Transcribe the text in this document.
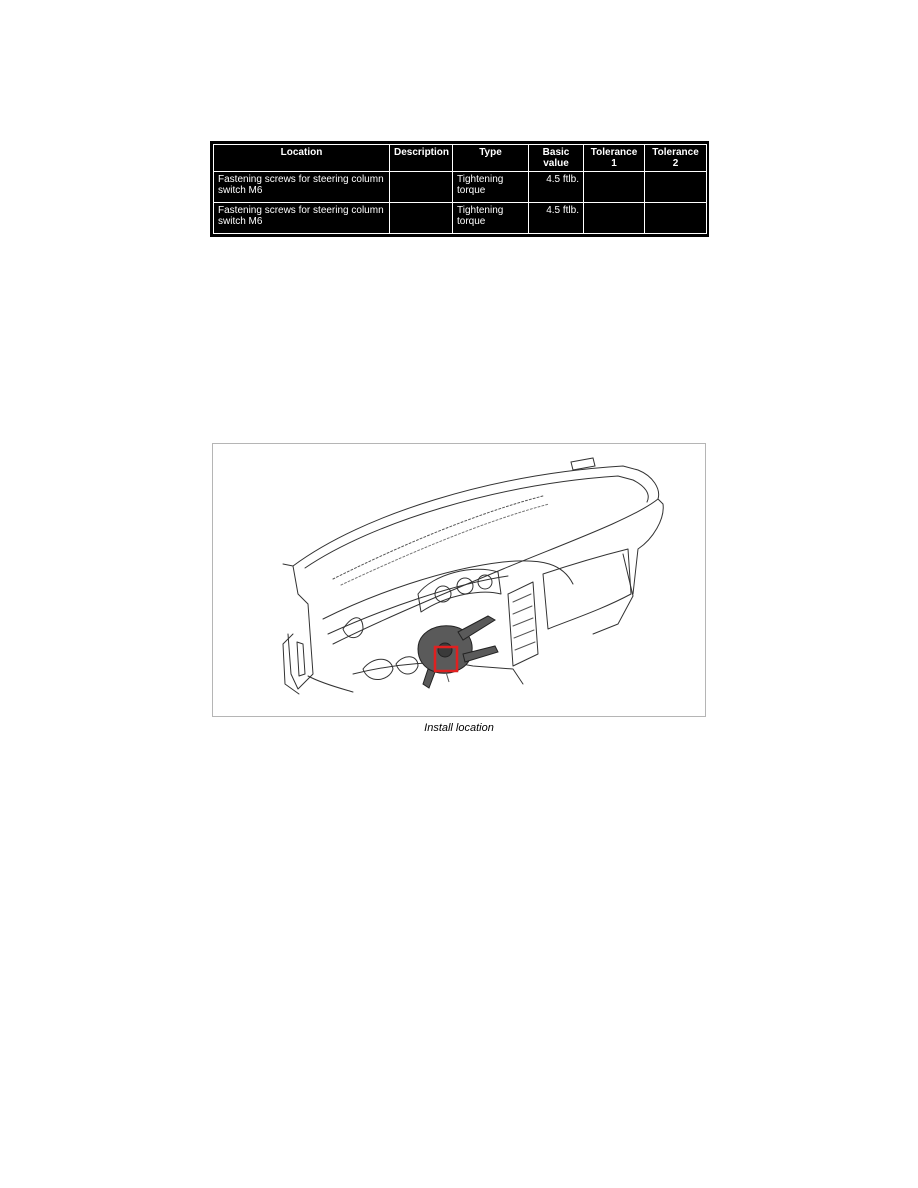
Location	Description	Type	Basic value	Tolerance 1	Tolerance 2
Fastening screws for steering column switch M6		Tightening torque	4.5 ftlb.		
Fastening screws for steering column switch M6		Tightening torque	4.5 ftlb.		
Install location
